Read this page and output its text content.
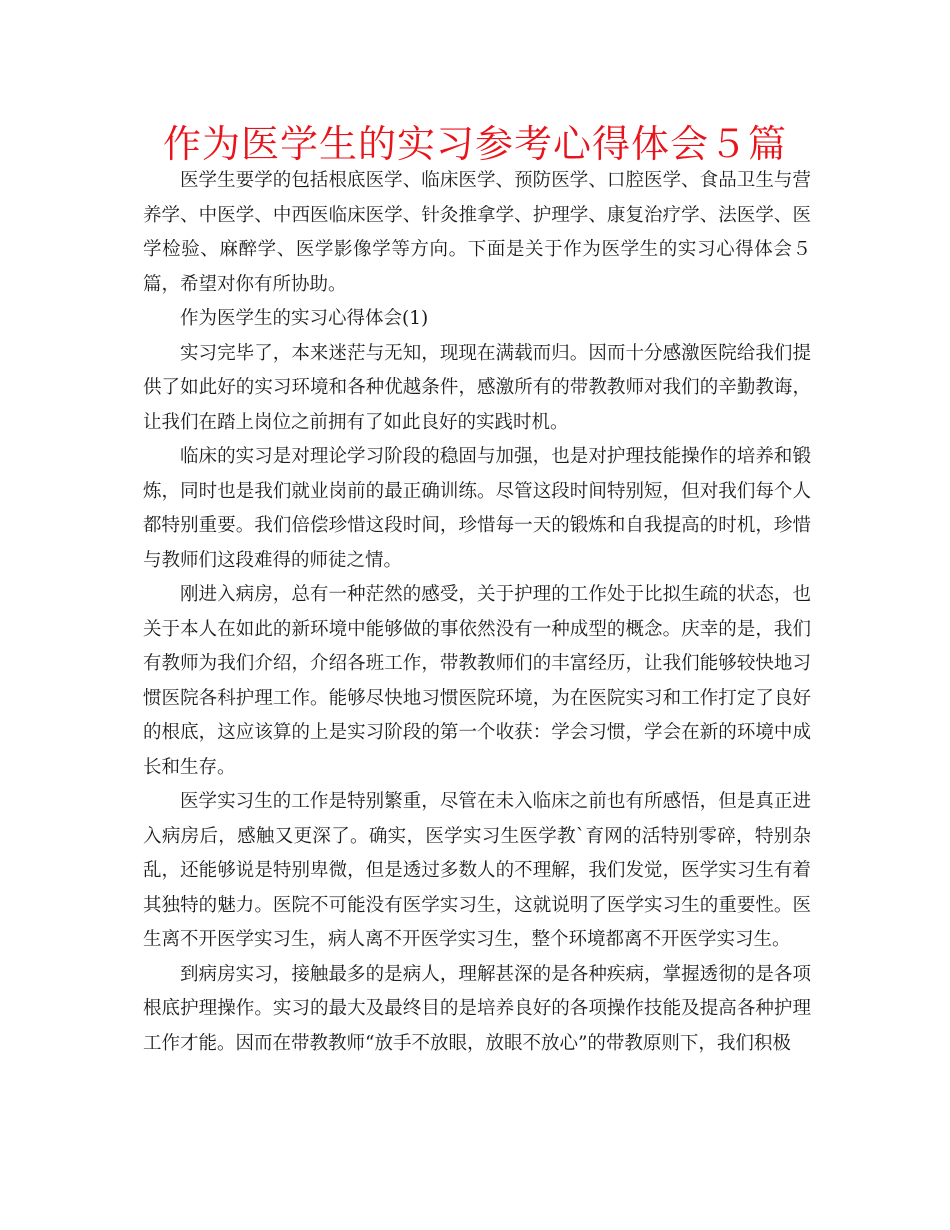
作为医学生的实习参考心得体会５篇

医学生要学的包括根底医学、临床医学、预防医学、口腔医学、食品卫生与营养学、中医学、中西医临床医学、针灸推拿学、护理学、康复治疗学、法医学、医学检验、麻醉学、医学影像学等方向。下面是关于作为医学生的实习心得体会５篇，希望对你有所协助。

作为医学生的实习心得体会(1)

实习完毕了，本来迷茫与无知，现现在满载而归。因而十分感激医院给我们提供了如此好的实习环境和各种优越条件，感激所有的带教教师对我们的辛勤教诲，让我们在踏上岗位之前拥有了如此良好的实践时机。

临床的实习是对理论学习阶段的稳固与加强，也是对护理技能操作的培养和锻炼，同时也是我们就业岗前的最正确训练。尽管这段时间特别短，但对我们每个人都特别重要。我们倍偿珍惜这段时间，珍惜每一天的锻炼和自我提高的时机，珍惜与教师们这段难得的师徒之情。

刚进入病房，总有一种茫然的感受，关于护理的工作处于比拟生疏的状态，也关于本人在如此的新环境中能够做的事依然没有一种成型的概念。庆幸的是，我们有教师为我们介绍，介绍各班工作，带教教师们的丰富经历，让我们能够较快地习惯医院各科护理工作。能够尽快地习惯医院环境，为在医院实习和工作打定了良好的根底，这应该算的上是实习阶段的第一个收获：学会习惯，学会在新的环境中成长和生存。

医学实习生的工作是特别繁重，尽管在未入临床之前也有所感悟，但是真正进入病房后，感触又更深了。确实，医学实习生医学教`育网的活特别零碎，特别杂乱，还能够说是特别卑微，但是透过多数人的不理解，我们发觉，医学实习生有着其独特的魅力。医院不可能没有医学实习生，这就说明了医学实习生的重要性。医生离不开医学实习生，病人离不开医学实习生，整个环境都离不开医学实习生。

到病房实习，接触最多的是病人，理解甚深的是各种疾病，掌握透彻的是各项根底护理操作。实习的最大及最终目的是培养良好的各项操作技能及提高各种护理工作才能。因而在带教教师“放手不放眼，放眼不放心”的带教原则下，我们积极
